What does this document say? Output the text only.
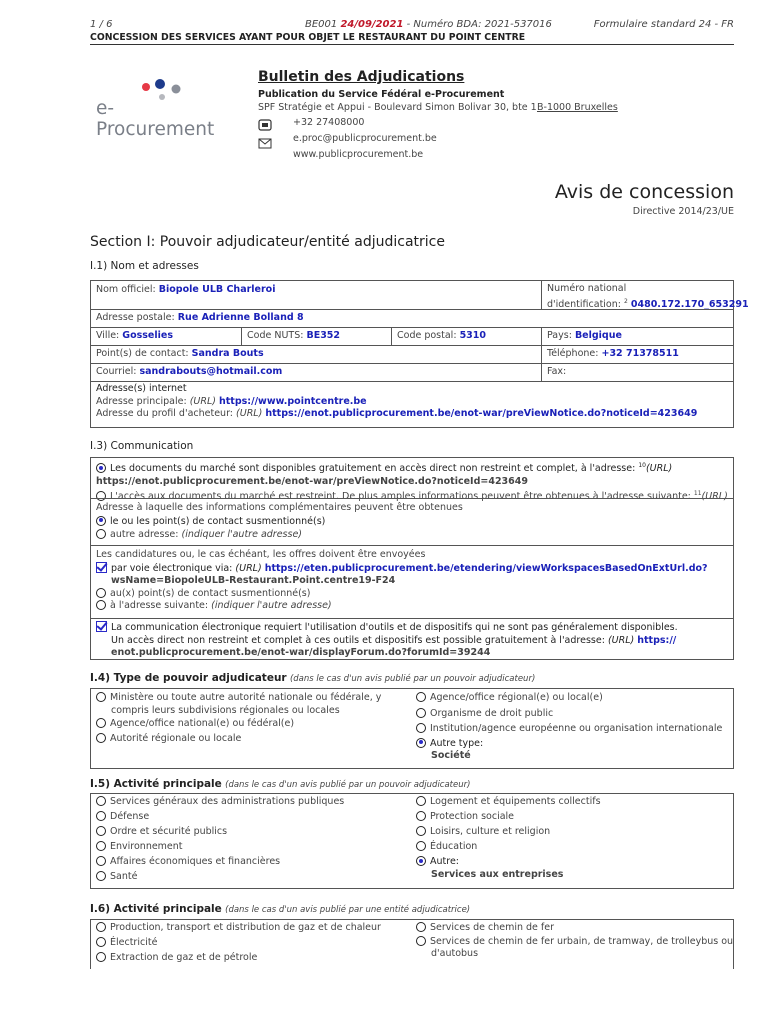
1 / 6	BE001 24/09/2021 - Numéro BDA: 2021-537016	Formulaire standard 24 - FR
CONCESSION DES SERVICES AYANT POUR OBJET LE RESTAURANT DU POINT CENTRE
e-Procurement
Bulletin des Adjudications
Publication du Service Fédéral e-Procurement
SPF Stratégie et Appui - Boulevard Simon Bolivar 30, bte 1 B-1000 Bruxelles
+32 27408000
e.proc@publicprocurement.be
www.publicprocurement.be
Avis de concession
Directive 2014/23/UE
Section I: Pouvoir adjudicateur/entité adjudicatrice
I.1) Nom et adresses
Nom officiel: Biopole ULB Charleroi	Numéro national
d'identification: $^2$ 0480.172.170_653291
Adresse postale: Rue Adrienne Bolland 8
Ville: Gosselies	Code NUTS: BE352	Code postal: 5310	Pays: Belgique
Point(s) de contact: Sandra Bouts	Téléphone: +32 71378511
Courriel: sandrabouts@hotmail.com	Fax:
Adresse(s) internet
Adresse principale: (URL) https://www.pointcentre.be
Adresse du profil d'acheteur: (URL) https://enot.publicprocurement.be/enot-war/preViewNotice.do?noticeId=423649
I.3) Communication
Les documents du marché sont disponibles gratuitement en accès direct non restreint et complet, à l'adresse: $^{10}$(URL)
https://enot.publicprocurement.be/enot-war/preViewNotice.do?noticeId=423649
L'accès aux documents du marché est restreint. De plus amples informations peuvent être obtenues à l'adresse suivante: $^{11}$(URL)
Adresse à laquelle des informations complémentaires peuvent être obtenues
le ou les point(s) de contact susmentionné(s)
autre adresse: (indiquer l'autre adresse)
Les candidatures ou, le cas échéant, les offres doivent être envoyées
par voie électronique via: (URL) https://eten.publicprocurement.be/etendering/viewWorkspacesBasedOnExtUrl.do?
wsName=BiopoleULB-Restaurant.Point.centre19-F24
au(x) point(s) de contact susmentionné(s)
à l'adresse suivante: (indiquer l'autre adresse)
La communication électronique requiert l'utilisation d'outils et de dispositifs qui ne sont pas généralement disponibles.
Un accès direct non restreint et complet à ces outils et dispositifs est possible gratuitement à l'adresse: (URL) https://
enot.publicprocurement.be/enot-war/displayForum.do?forumId=39244
I.4) Type de pouvoir adjudicateur (dans le cas d'un avis publié par un pouvoir adjudicateur)
Ministère ou toute autre autorité nationale ou fédérale, y
compris leurs subdivisions régionales ou locales
Agence/office national(e) ou fédéral(e)
Autorité régionale ou locale
Agence/office régional(e) ou local(e)
Organisme de droit public
Institution/agence européenne ou organisation internationale
Autre type:
Société
I.5) Activité principale (dans le cas d'un avis publié par un pouvoir adjudicateur)
Services généraux des administrations publiques
Défense
Ordre et sécurité publics
Environnement
Affaires économiques et financières
Santé
Logement et équipements collectifs
Protection sociale
Loisirs, culture et religion
Éducation
Autre:
Services aux entreprises
I.6) Activité principale (dans le cas d'un avis publié par une entité adjudicatrice)
Production, transport et distribution de gaz et de chaleur
Électricité
Extraction de gaz et de pétrole
Services de chemin de fer
Services de chemin de fer urbain, de tramway, de trolleybus ou
d'autobus
